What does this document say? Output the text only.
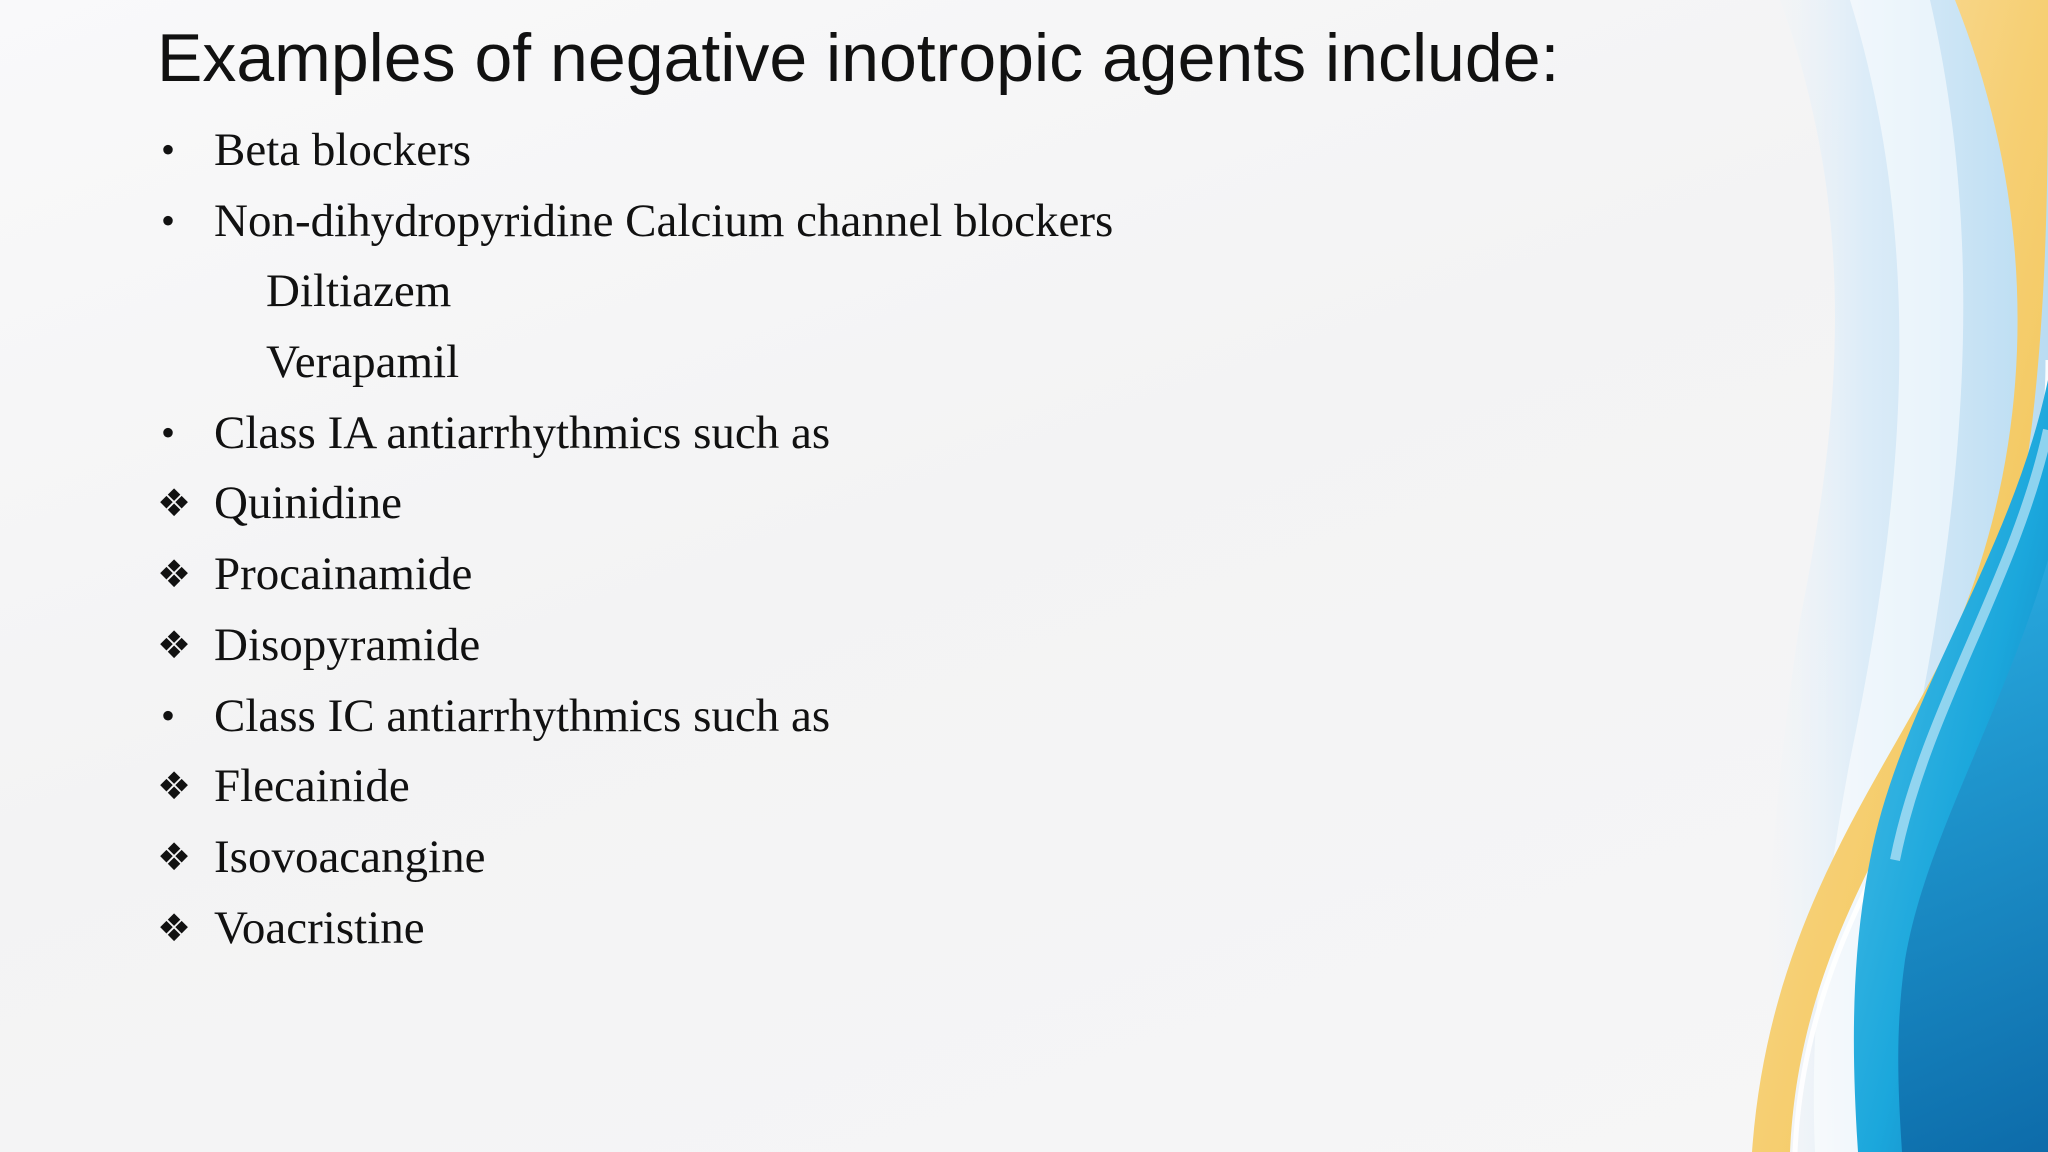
Examples of negative inotropic agents include:
• Beta blockers
• Non-dihydropyridine Calcium channel blockers
Diltiazem
Verapamil
• Class IA antiarrhythmics such as
❖ Quinidine
❖ Procainamide
❖ Disopyramide
• Class IC antiarrhythmics such as
❖ Flecainide
❖ Isovoacangine
❖ Voacristine
